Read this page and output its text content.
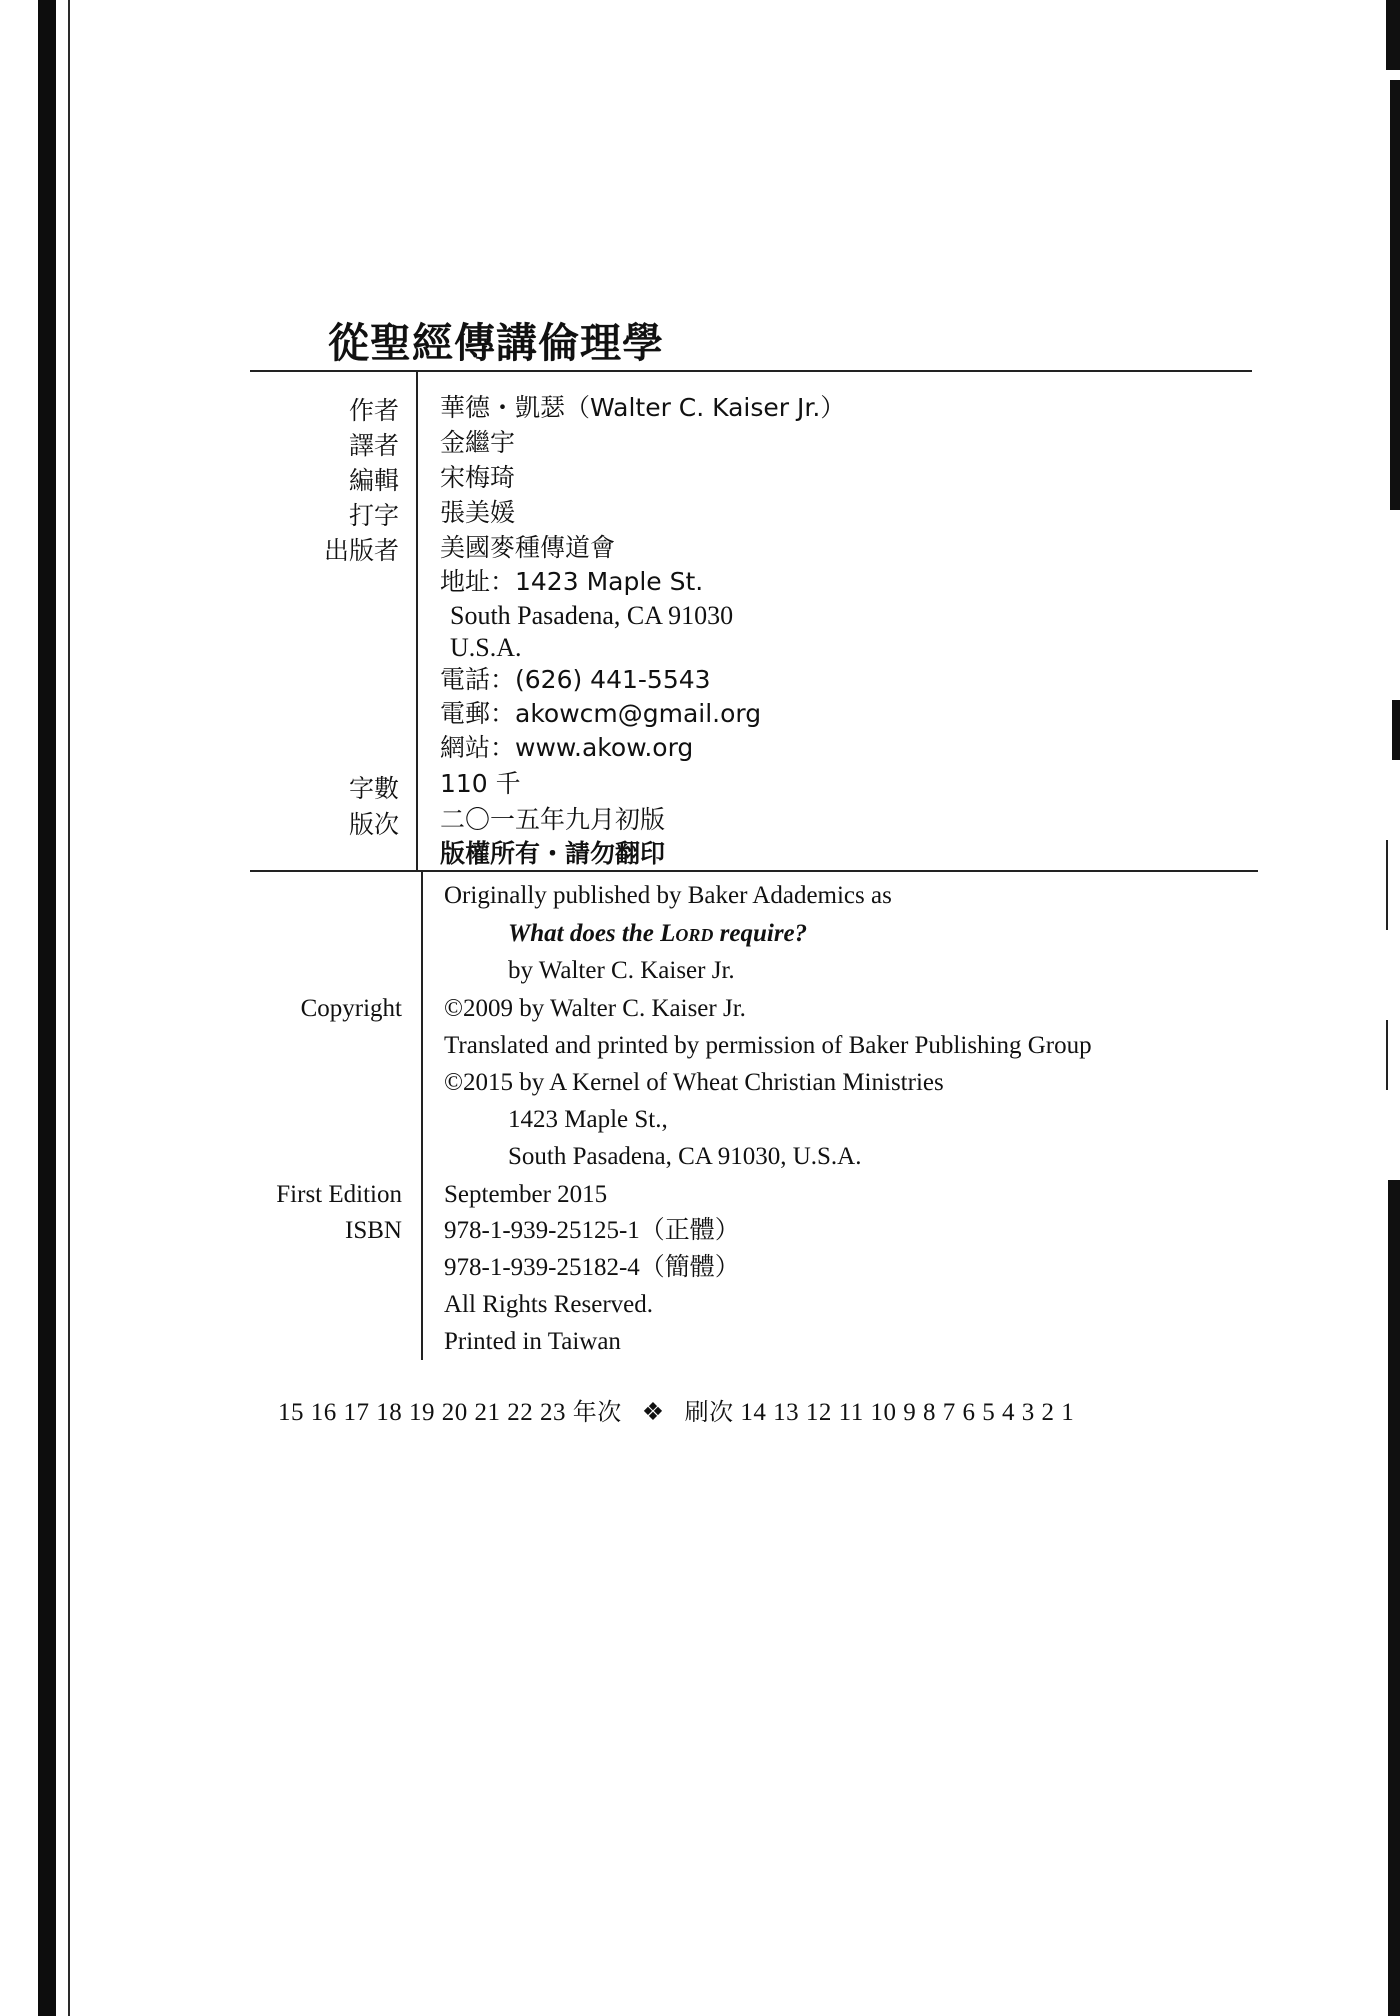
從聖經傳講倫理學
作者 華德・凱瑟（Walter C. Kaiser Jr.）
譯者 金繼宇
編輯 宋梅琦
打字 張美媛
出版者 美國麥種傳道會
地址：1423 Maple St.
South Pasadena, CA 91030
U.S.A.
電話：(626) 441-5543
電郵：akowcm@gmail.org
網站：www.akow.org
字數 110 千
版次 二〇一五年九月初版
版權所有・請勿翻印
Originally published by Baker Adademics as
What does the Lord require?
by Walter C. Kaiser Jr.
Copyright ©2009 by Walter C. Kaiser Jr.
Translated and printed by permission of Baker Publishing Group
©2015 by A Kernel of Wheat Christian Ministries
1423 Maple St.,
South Pasadena, CA 91030, U.S.A.
First Edition September 2015
ISBN 978-1-939-25125-1（正體）
978-1-939-25182-4（簡體）
All Rights Reserved.
Printed in Taiwan
15 16 17 18 19 20 21 22 23 年次 ❖ 刷次 14 13 12 11 10 9 8 7 6 5 4 3 2 1
